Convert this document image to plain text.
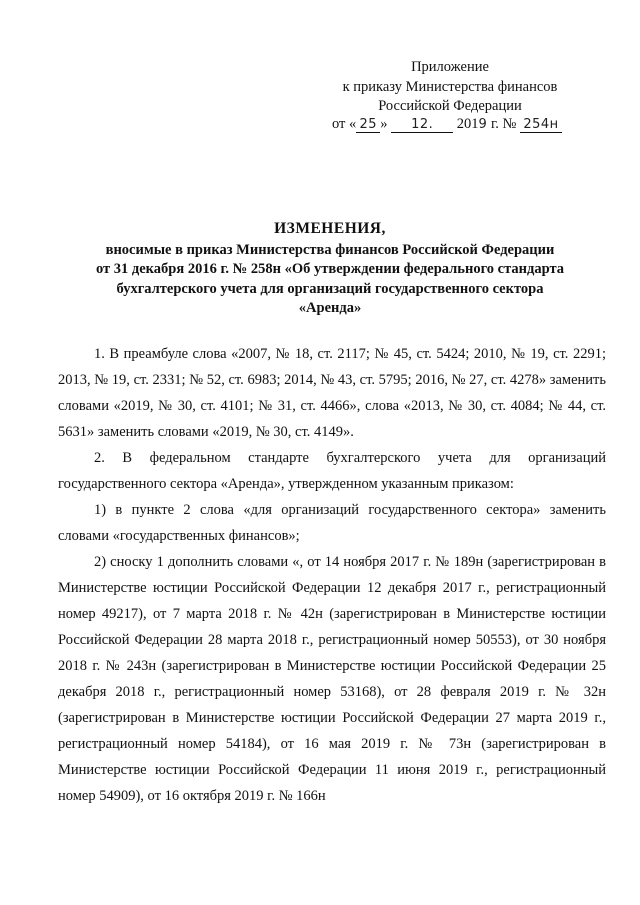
Приложение
к приказу Министерства финансов
Российской Федерации
от « 25 » 12. 2019 г. № 254н
ИЗМЕНЕНИЯ,
вносимые в приказ Министерства финансов Российской Федерации
от 31 декабря 2016 г. № 258н «Об утверждении федерального стандарта
бухгалтерского учета для организаций государственного сектора
«Аренда»

1. В преамбуле слова «2007, № 18, ст. 2117; № 45, ст. 5424; 2010, № 19, ст. 2291; 2013, № 19, ст. 2331; № 52, ст. 6983; 2014, № 43, ст. 5795; 2016, № 27, ст. 4278» заменить словами «2019, № 30, ст. 4101; № 31, ст. 4466», слова «2013, № 30, ст. 4084; № 44, ст. 5631» заменить словами «2019, № 30, ст. 4149».

2. В федеральном стандарте бухгалтерского учета для организаций государственного сектора «Аренда», утвержденном указанным приказом:

1) в пункте 2 слова «для организаций государственного сектора» заменить словами «государственных финансов»;

2) сноску 1 дополнить словами «, от 14 ноября 2017 г. № 189н (зарегистрирован в Министерстве юстиции Российской Федерации 12 декабря 2017 г., регистрационный номер 49217), от 7 марта 2018 г. № 42н (зарегистрирован в Министерстве юстиции Российской Федерации 28 марта 2018 г., регистрационный номер 50553), от 30 ноября 2018 г. № 243н (зарегистрирован в Министерстве юстиции Российской Федерации 25 декабря 2018 г., регистрационный номер 53168), от 28 февраля 2019 г. № 32н (зарегистрирован в Министерстве юстиции Российской Федерации 27 марта 2019 г., регистрационный номер 54184), от 16 мая 2019 г. № 73н (зарегистрирован в Министерстве юстиции Российской Федерации 11 июня 2019 г., регистрационный номер 54909), от 16 октября 2019 г. № 166н
